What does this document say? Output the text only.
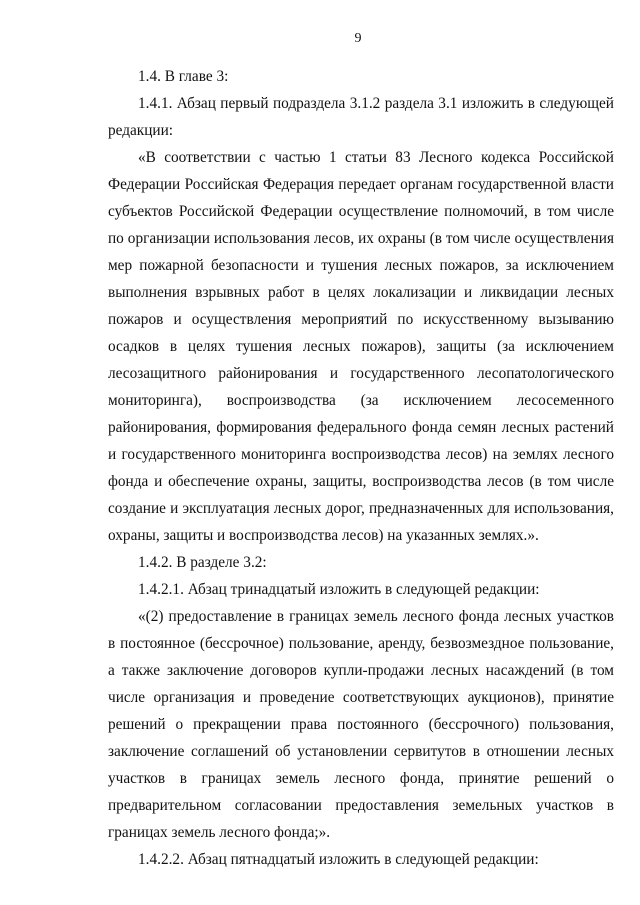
9

1.4. В главе 3:

1.4.1. Абзац первый подраздела 3.1.2 раздела 3.1 изложить в следующей редакции:

«В соответствии с частью 1 статьи 83 Лесного кодекса Российской Федерации Российская Федерация передает органам государственной власти субъектов Российской Федерации осуществление полномочий, в том числе по организации использования лесов, их охраны (в том числе осуществления мер пожарной безопасности и тушения лесных пожаров, за исключением выполнения взрывных работ в целях локализации и ликвидации лесных пожаров и осуществления мероприятий по искусственному вызыванию осадков в целях тушения лесных пожаров), защиты (за исключением лесозащитного районирования и государственного лесопатологического мониторинга), воспроизводства (за исключением лесосеменного районирования, формирования федерального фонда семян лесных растений и государственного мониторинга воспроизводства лесов) на землях лесного фонда и обеспечение охраны, защиты, воспроизводства лесов (в том числе создание и эксплуатация лесных дорог, предназначенных для использования, охраны, защиты и воспроизводства лесов) на указанных землях.».

1.4.2. В разделе 3.2:

1.4.2.1. Абзац тринадцатый изложить в следующей редакции:

«(2) предоставление в границах земель лесного фонда лесных участков в постоянное (бессрочное) пользование, аренду, безвозмездное пользование, а также заключение договоров купли-продажи лесных насаждений (в том числе организация и проведение соответствующих аукционов), принятие решений о прекращении права постоянного (бессрочного) пользования, заключение соглашений об установлении сервитутов в отношении лесных участков в границах земель лесного фонда, принятие решений о предварительном согласовании предоставления земельных участков в границах земель лесного фонда;».

1.4.2.2. Абзац пятнадцатый изложить в следующей редакции:
